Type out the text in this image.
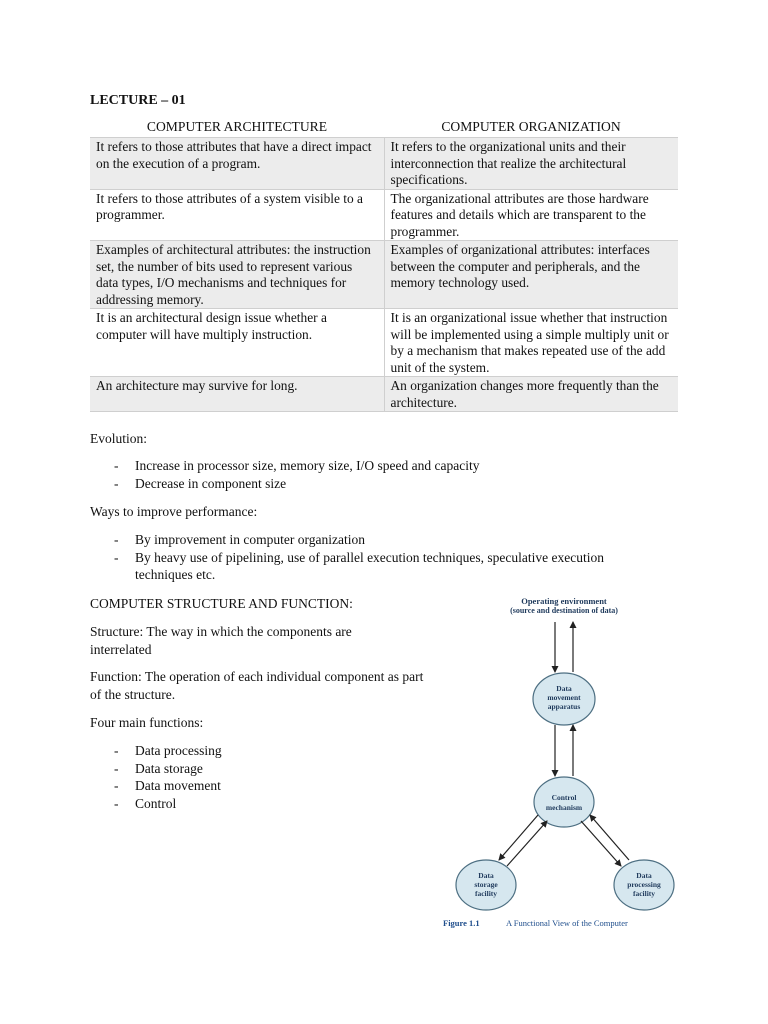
LECTURE – 01
COMPUTER ARCHITECTURE	COMPUTER ORGANIZATION
It refers to those attributes that have a direct impact on the execution of a program.	It refers to the organizational units and their interconnection that realize the architectural specifications.
It refers to those attributes of a system visible to a programmer.	The organizational attributes are those hardware features and details which are transparent to the programmer.
Examples of architectural attributes: the instruction set, the number of bits used to represent various data types, I/O mechanisms and techniques for addressing memory.	Examples of organizational attributes: interfaces between the computer and peripherals, and the memory technology used.
It is an architectural design issue whether a computer will have multiply instruction.	It is an organizational issue whether that instruction will be implemented using a simple multiply unit or by a mechanism that makes repeated use of the add unit of the system.
An architecture may survive for long.	An organization changes more frequently than the architecture.
Evolution:
- Increase in processor size, memory size, I/O speed and capacity
- Decrease in component size
Ways to improve performance:
- By improvement in computer organization
- By heavy use of pipelining, use of parallel execution techniques, speculative execution techniques etc.
COMPUTER STRUCTURE AND FUNCTION:
Structure: The way in which the components are interrelated
Function: The operation of each individual component as part of the structure.
Four main functions:
- Data processing
- Data storage
- Data movement
- Control
Operating environment
(source and destination of data)
Data
movement
apparatus
Control
mechanism
Data
storage
facility
Data
processing
facility
Figure 1.1	A Functional View of the Computer
